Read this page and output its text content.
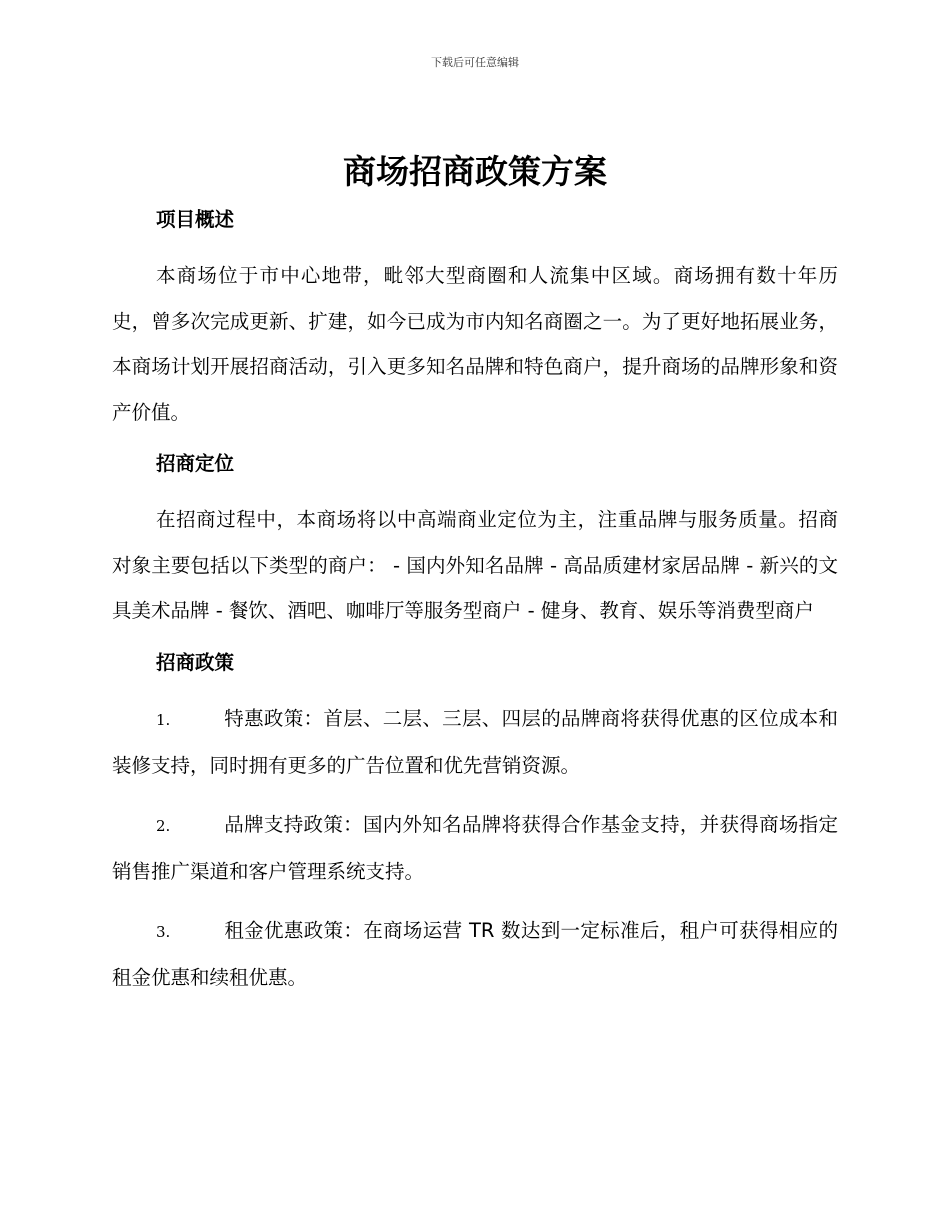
下载后可任意编辑

商场招商政策方案
项目概述

本商场位于市中心地带，毗邻大型商圈和人流集中区域。商场拥有数十年历史，曾多次完成更新、扩建，如今已成为市内知名商圈之一。为了更好地拓展业务，本商场计划开展招商活动，引入更多知名品牌和特色商户，提升商场的品牌形象和资产价值。

招商定位

在招商过程中，本商场将以中高端商业定位为主，注重品牌与服务质量。招商对象主要包括以下类型的商户： - 国内外知名品牌 - 高品质建材家居品牌 - 新兴的文具美术品牌 - 餐饮、酒吧、咖啡厅等服务型商户 - 健身、教育、娱乐等消费型商户

招商政策
1.	特惠政策：首层、二层、三层、四层的品牌商将获得优惠的区位成本和装修支持，同时拥有更多的广告位置和优先营销资源。
2.	品牌支持政策：国内外知名品牌将获得合作基金支持，并获得商场指定销售推广渠道和客户管理系统支持。
3.	租金优惠政策：在商场运营 TR 数达到一定标准后，租户可获得相应的租金优惠和续租优惠。
